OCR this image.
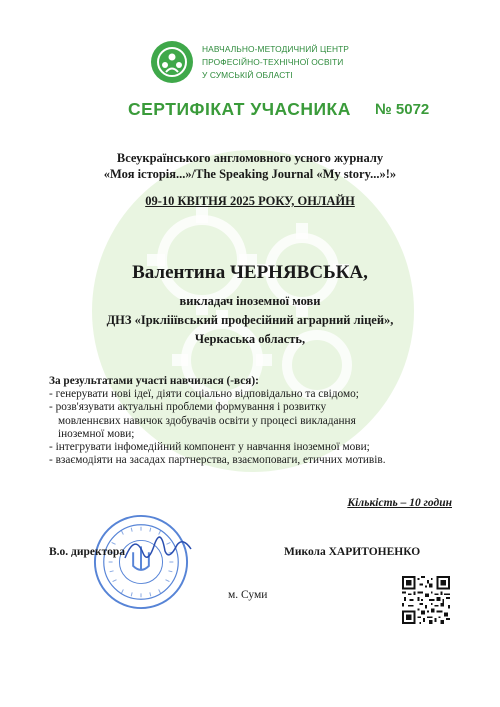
НАВЧАЛЬНО-МЕТОДИЧНИЙ ЦЕНТР
ПРОФЕСІЙНО-ТЕХНІЧНОЇ ОСВІТИ
У СУМСЬКІЙ ОБЛАСТІ
СЕРТИФІКАТ УЧАСНИКА № 5072
Всеукраїнського англомовного усного журналу
«Моя історія...»/The Speaking Journal «My story...»!»
09-10 КВІТНЯ 2025 РОКУ, ОНЛАЙН
Валентина ЧЕРНЯВСЬКА,
викладач іноземної мови
ДНЗ «Ірклііївський професійний аграрний ліцей»,
Черкаська область,
За результатами участі навчилася (-вся):
- генерувати нові ідеї, діяти соціально відповідально та свідомо;
- розв'язувати актуальні проблеми формування і розвитку
мовленнєвих навичок здобувачів освіти у процесі викладання
іноземної мови;
- інтегрувати інфомедійний компонент у навчання іноземної мови;
- взаємодіяти на засадах партнерства, взаємоповаги, етичних мотивів.
Кількість – 10 годин
В.о. директора	Микола ХАРИТОНЕНКО
м. Суми
